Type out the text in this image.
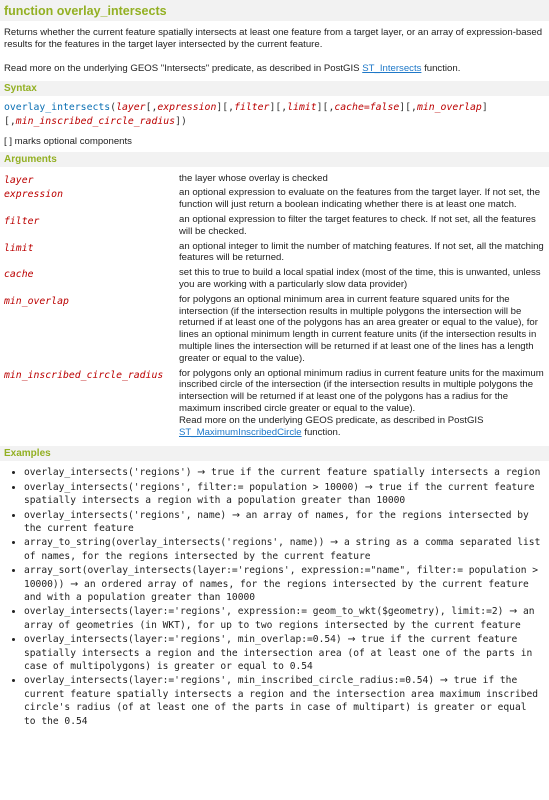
function overlay_intersects

Returns whether the current feature spatially intersects at least one feature from a target layer, or an array of expression-based results for the features in the target layer intersected by the current feature.

Read more on the underlying GEOS "Intersects" predicate, as described in PostGIS ST_Intersects function.

Syntax
overlay_intersects(layer[,expression][,filter][,limit][,cache=false][,min_overlap]
[,min_inscribed_circle_radius])
[ ] marks optional components
Arguments
layer	the layer whose overlay is checked
expression	an optional expression to evaluate on the features from the target layer. If not set, the function will just return a boolean indicating whether there is at least one match.
filter	an optional expression to filter the target features to check. If not set, all the features will be checked.
limit	an optional integer to limit the number of matching features. If not set, all the matching features will be returned.
cache	set this to true to build a local spatial index (most of the time, this is unwanted, unless you are working with a particularly slow data provider)
min_overlap	for polygons an optional minimum area in current feature squared units for the intersection (if the intersection results in multiple polygons the intersection will be returned if at least one of the polygons has an area greater or equal to the value), for lines an optional minimum length in current feature units (if the intersection results in multiple lines the intersection will be returned if at least one of the lines has a length greater or equal to the value).
min_inscribed_circle_radius	for polygons only an optional minimum radius in current feature units for the maximum inscribed circle of the intersection (if the intersection results in multiple polygons the intersection will be returned if at least one of the polygons has a radius for the maximum inscribed circle greater or equal to the value).
Read more on the underlying GEOS predicate, as described in PostGIS ST_MaximumInscribedCircle function.
Examples
• overlay_intersects('regions') → true if the current feature spatially intersects a region
• overlay_intersects('regions', filter:= population > 10000) → true if the current feature spatially intersects a region with a population greater than 10000
• overlay_intersects('regions', name) → an array of names, for the regions intersected by the current feature
• array_to_string(overlay_intersects('regions', name)) → a string as a comma separated list of names, for the regions intersected by the current feature
• array_sort(overlay_intersects(layer:='regions', expression:="name", filter:= population > 10000)) → an ordered array of names, for the regions intersected by the current feature and with a population greater than 10000
• overlay_intersects(layer:='regions', expression:= geom_to_wkt($geometry), limit:=2) → an array of geometries (in WKT), for up to two regions intersected by the current feature
• overlay_intersects(layer:='regions', min_overlap:=0.54) → true if the current feature spatially intersects a region and the intersection area (of at least one of the parts in case of multipolygons) is greater or equal to 0.54
• overlay_intersects(layer:='regions', min_inscribed_circle_radius:=0.54) → true if the current feature spatially intersects a region and the intersection area maximum inscribed circle's radius (of at least one of the parts in case of multipart) is greater or equal to the 0.54
